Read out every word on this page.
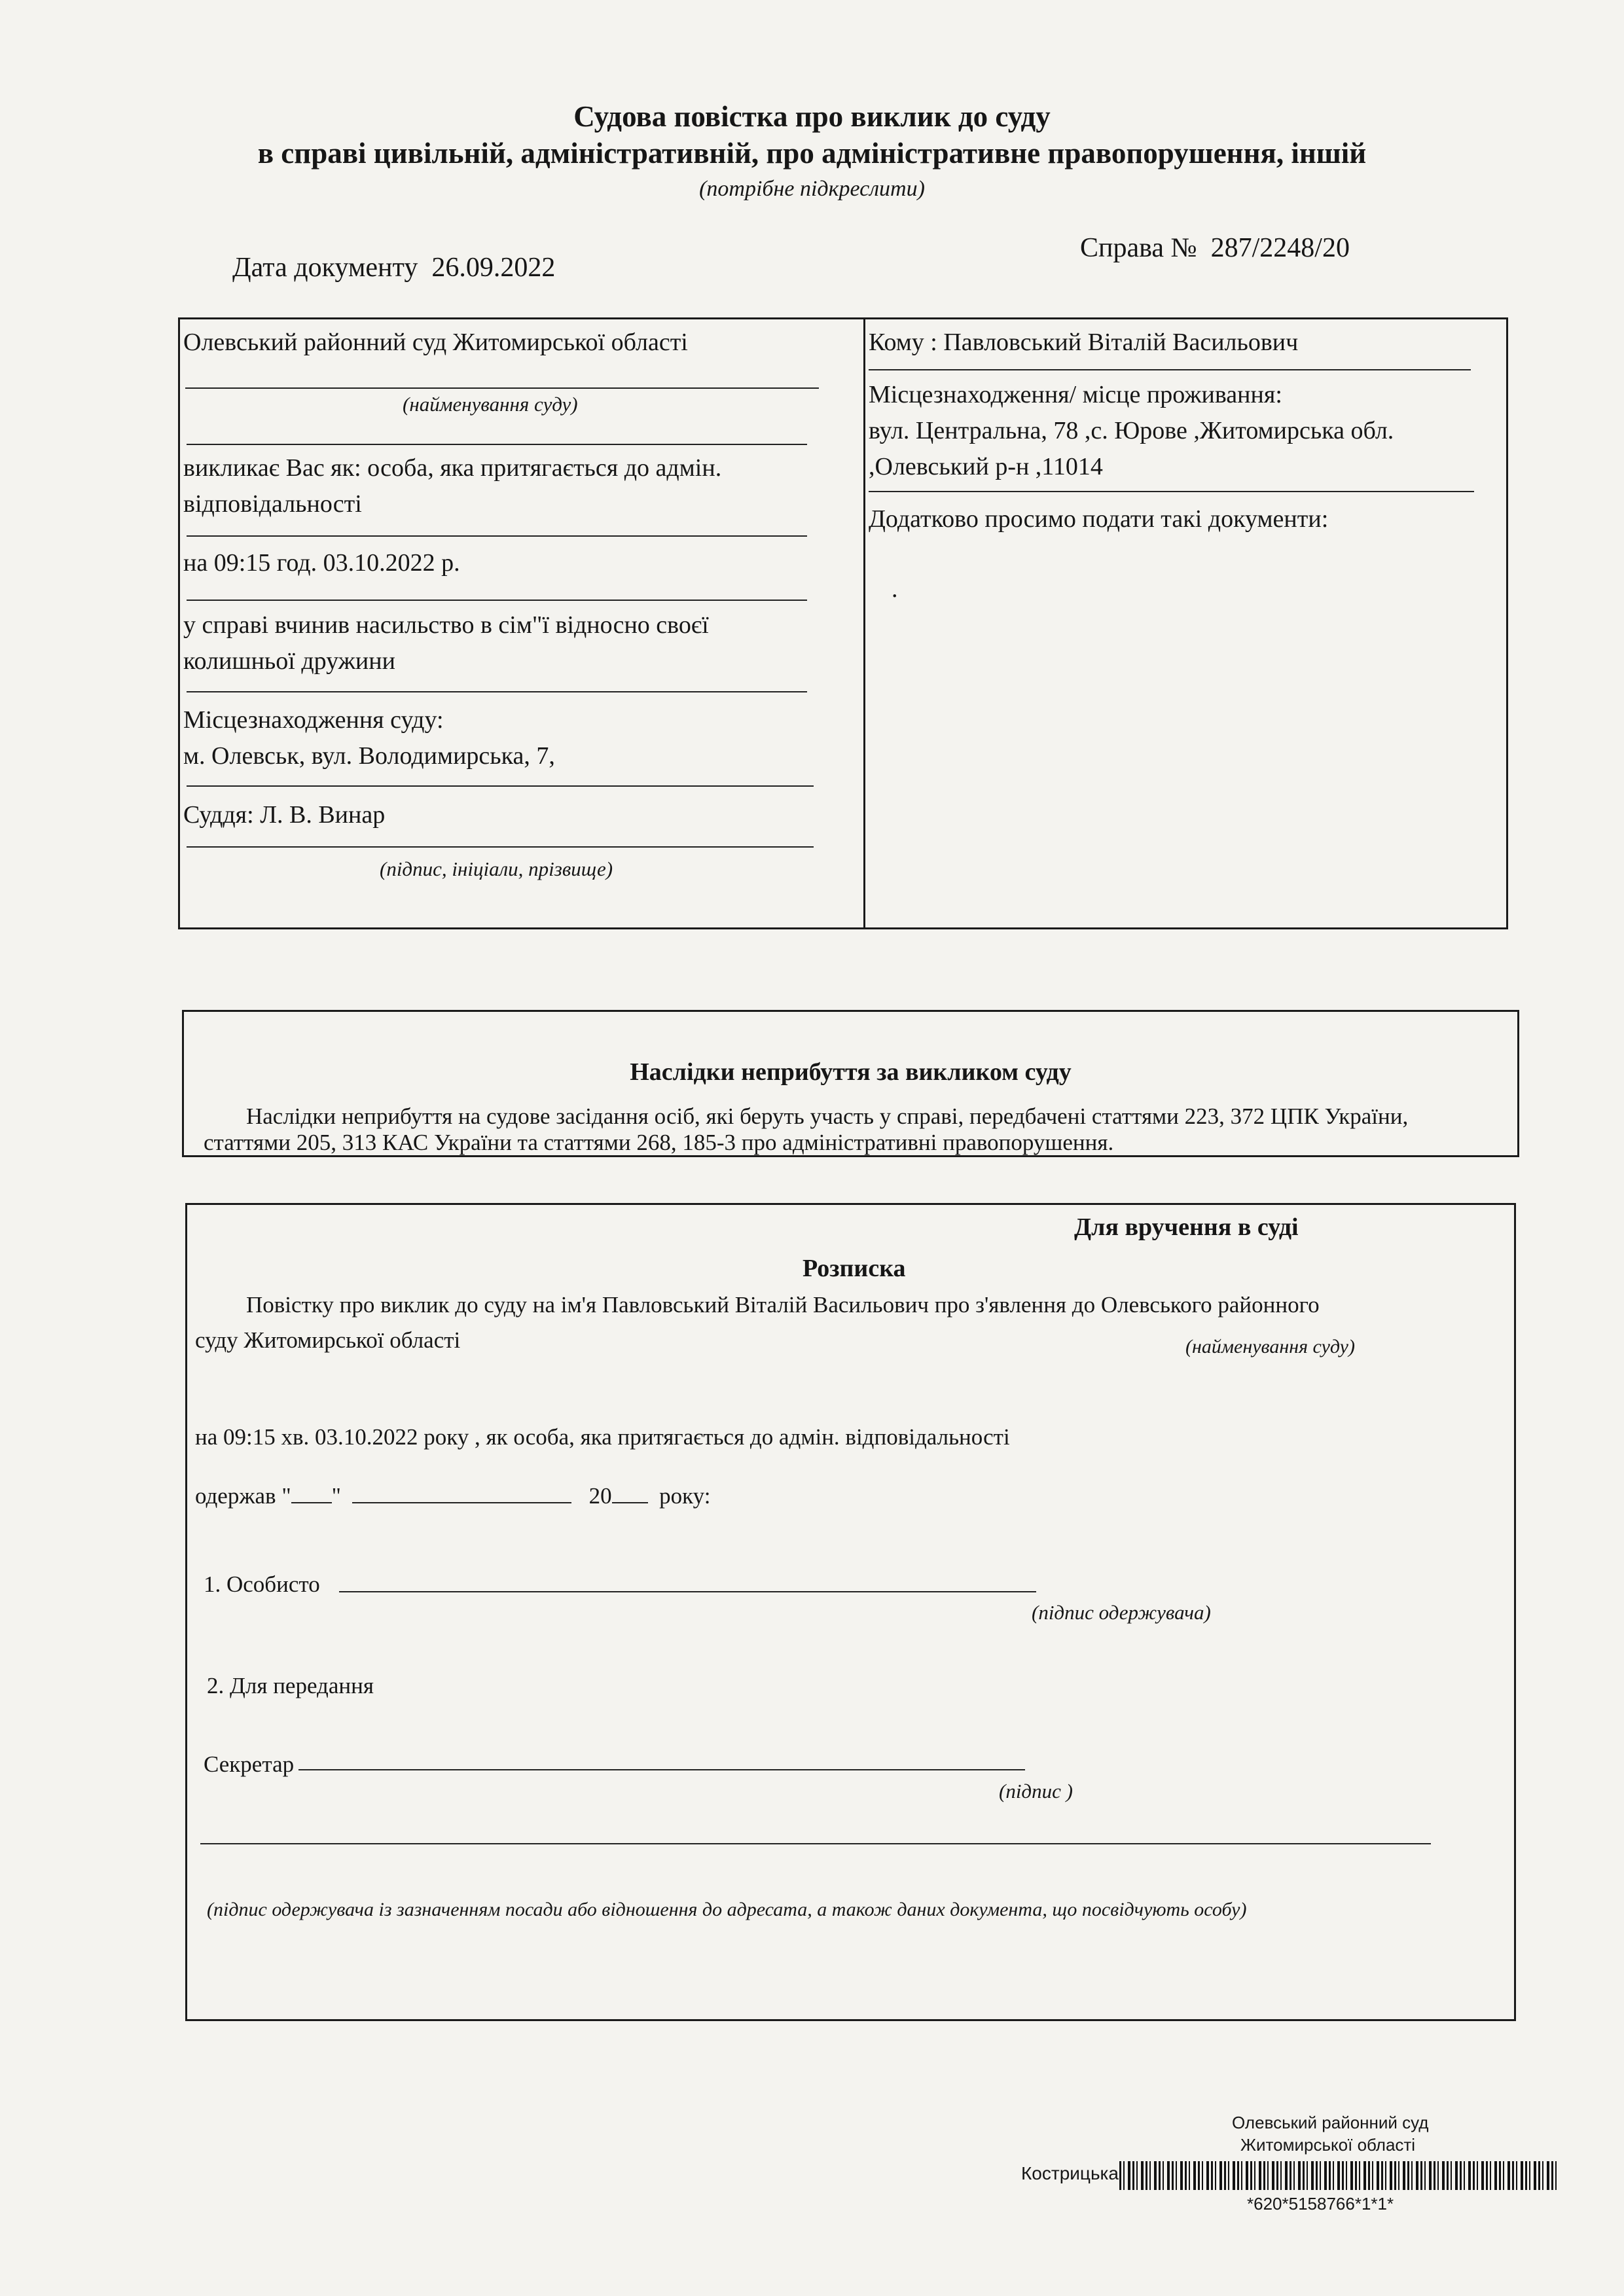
Судова повістка про виклик до суду
в справі цивільній, адміністративній, про адміністративне правопорушення, іншій
(потрібне підкреслити)
Дата документу 26.09.2022
Справа № 287/2248/20
Олевський районний суд Житомирської області
(найменування суду)
викликає Вас як: особа, яка притягається до адмін.
відповідальності
на 09:15 год. 03.10.2022 р.
у справі вчинив насильство в сім"ї відносно своєї
колишньої дружини
Місцезнаходження суду:
м. Олевськ, вул. Володимирська, 7,
Суддя: Л. В. Винар
(підпис, ініціали, прізвище)
Кому : Павловський Віталій Васильович
Місцезнаходження/ місце проживання:
вул. Центральна, 78 ,с. Юрове ,Житомирська обл.
,Олевський р-н ,11014
Додатково просимо подати такі документи:
.
Наслідки неприбуття за викликом суду
Наслідки неприбуття на судове засідання осіб, які беруть участь у справі, передбачені статтями 223, 372 ЦПК України,
статтями 205, 313 КАС України та статтями 268, 185-3 про адміністративні правопорушення.
Для вручення в суді
Розписка
Повістку про виклик до суду на ім'я Павловський Віталій Васильович про з'явлення до Олевського районного
суду Житомирської області	(найменування суду)
на 09:15 хв. 03.10.2022 року , як особа, яка притягається до адмін. відповідальності
одержав " "	20 року:
1. Особисто
(підпис одержувача)
2. Для передання
Секретар
(підпис )
(підпис одержувача із зазначенням посади або відношення до адресата, а також даних документа, що посвідчують особу)
Олевський районний суд
Житомирської області
Кострицька
*620*5158766*1*1*
